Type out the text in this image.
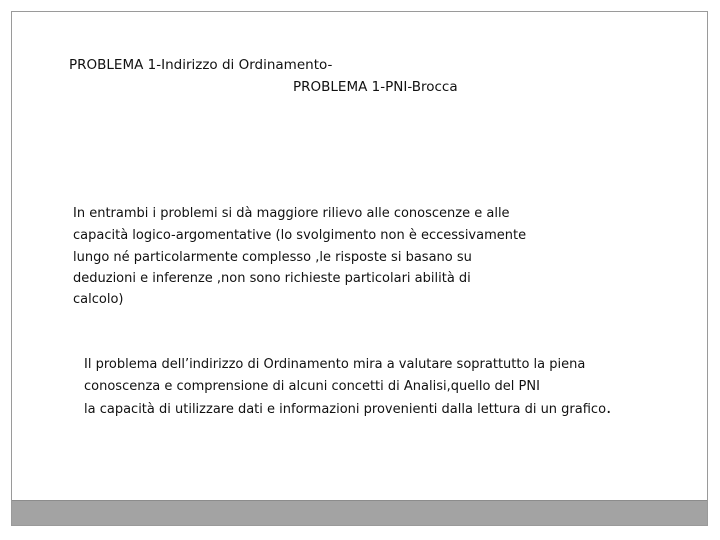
PROBLEMA 1-Indirizzo di Ordinamento-
PROBLEMA 1-PNI-Brocca
In entrambi i problemi si dà maggiore rilievo alle conoscenze e alle
capacità logico-argomentative (lo svolgimento non è eccessivamente
lungo né particolarmente complesso ,le risposte si basano su
deduzioni e inferenze ,non sono richieste particolari abilità di
calcolo)
Il problema dell’indirizzo di Ordinamento mira a valutare soprattutto la piena
conoscenza e comprensione di alcuni concetti di Analisi,quello del PNI
la capacità di utilizzare dati e informazioni provenienti dalla lettura di un grafico.
